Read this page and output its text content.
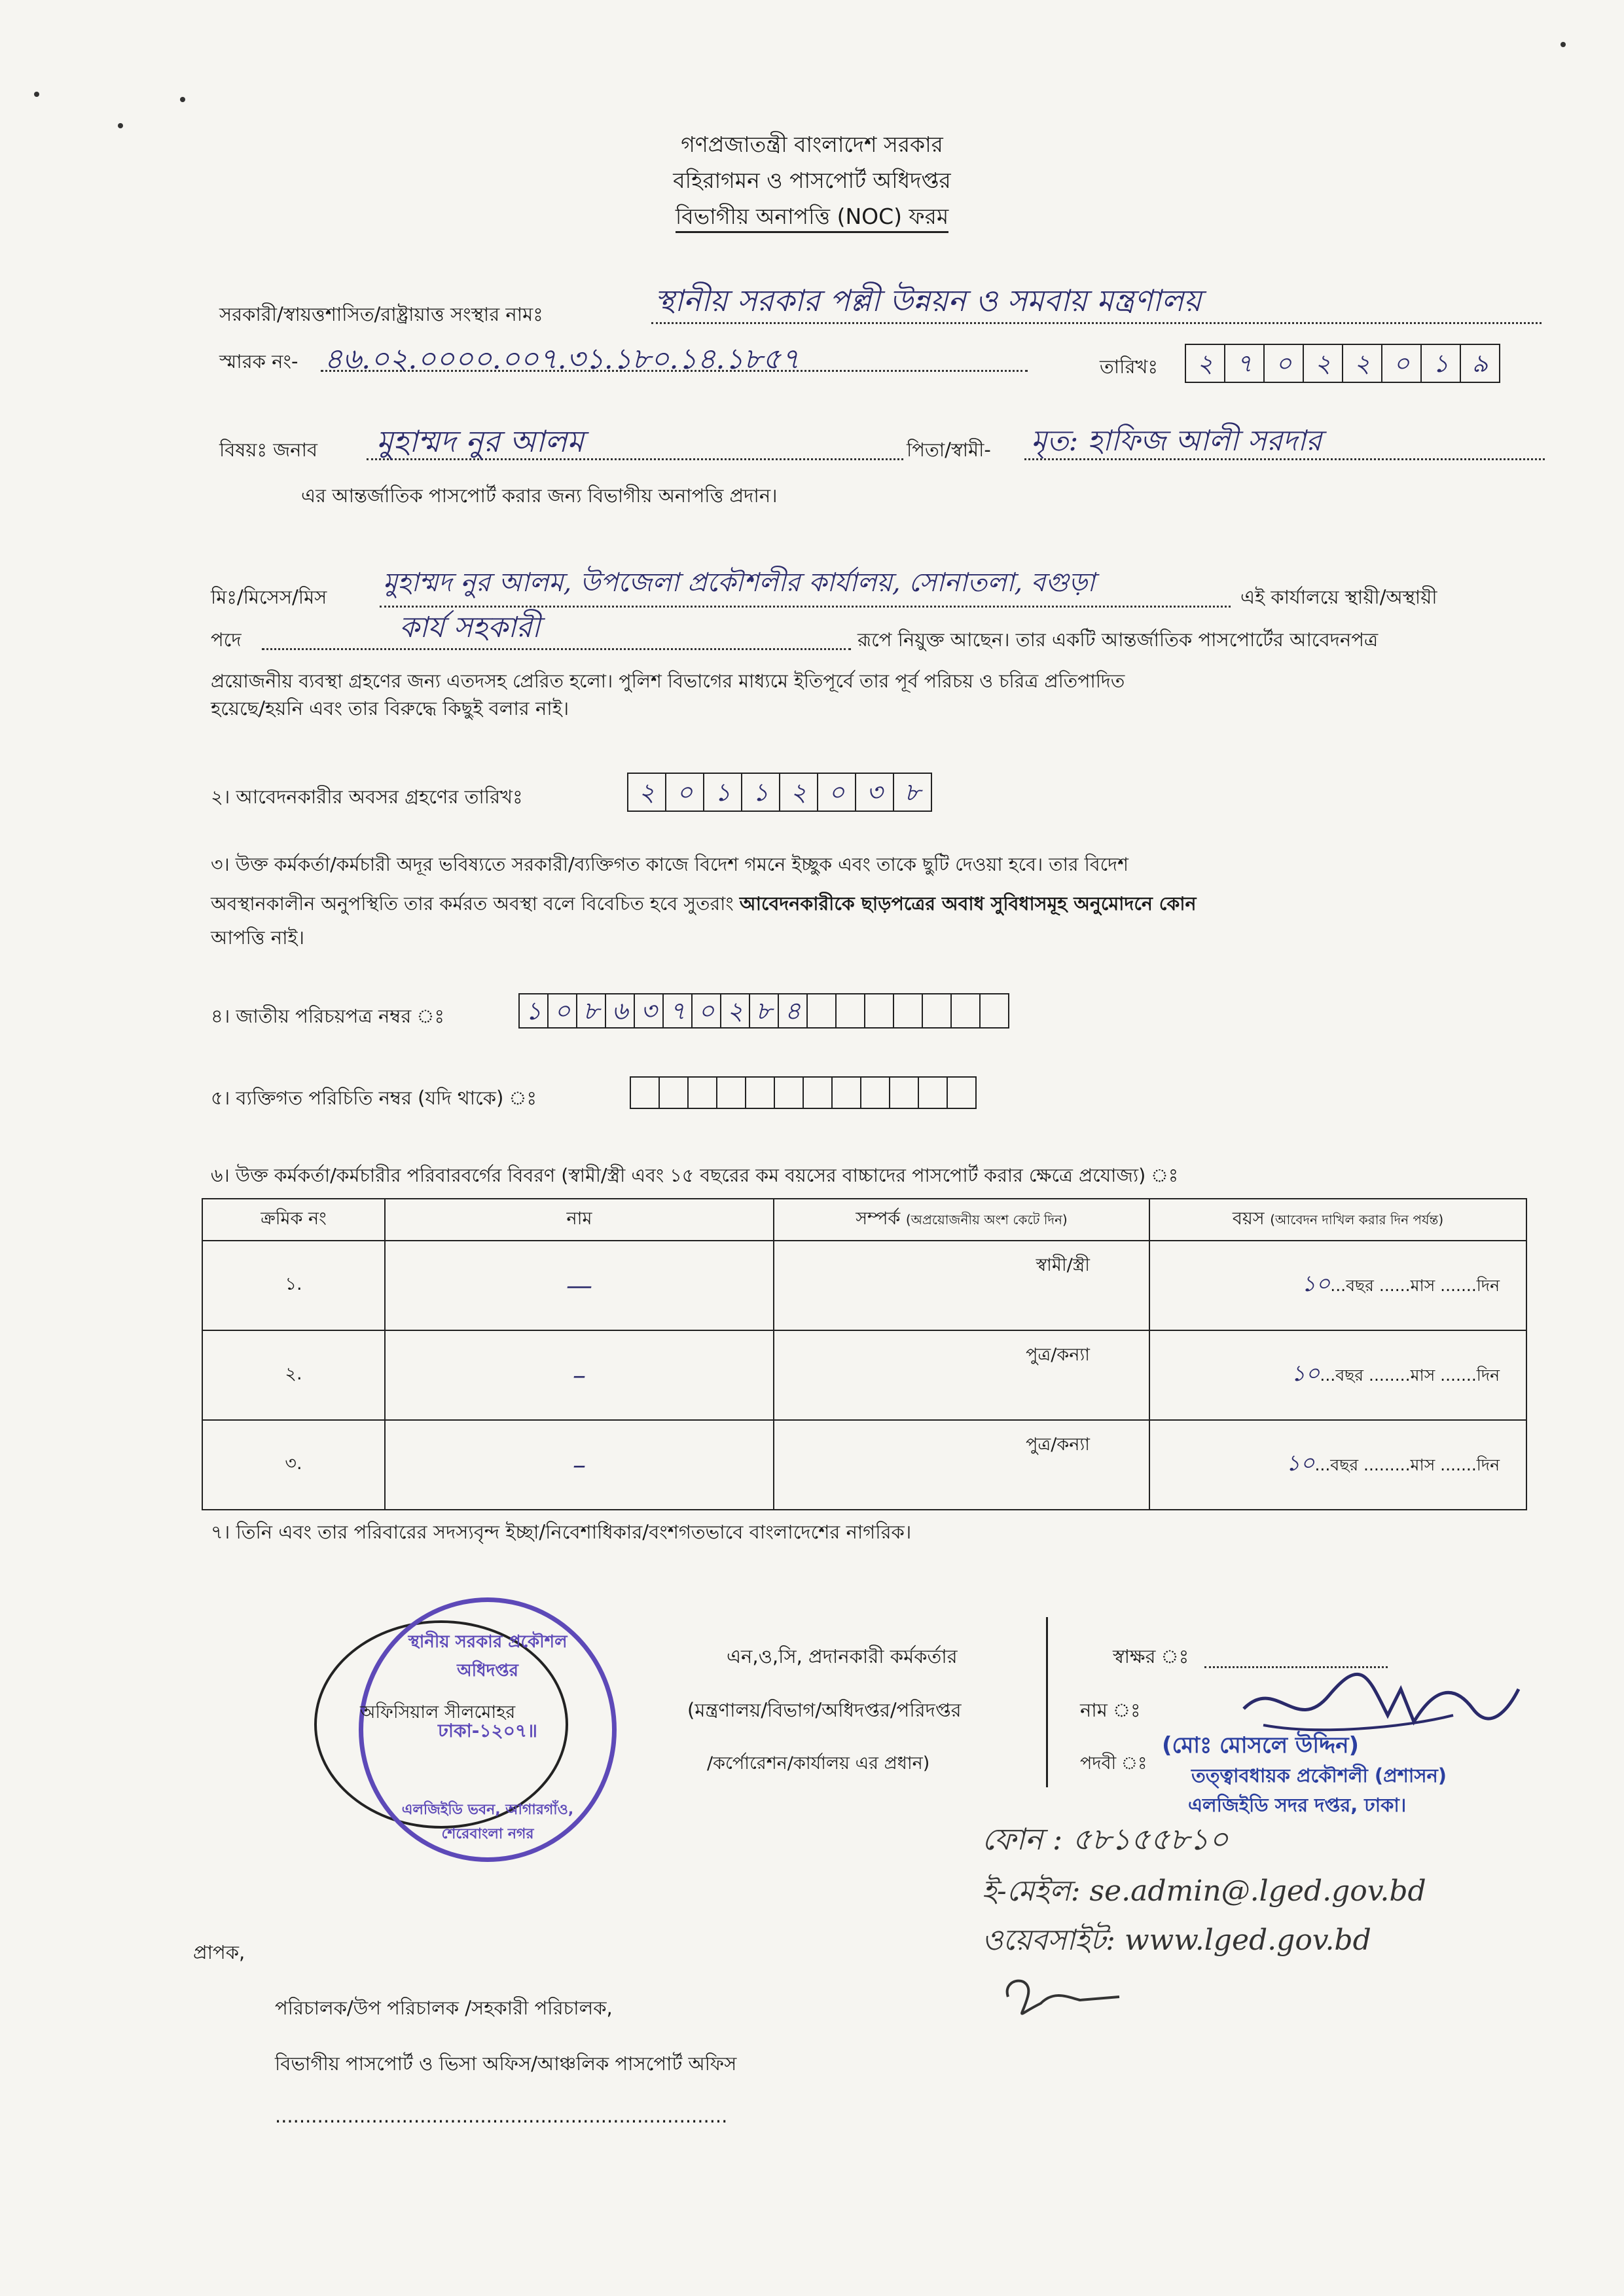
গণপ্রজাতন্ত্রী বাংলাদেশ সরকার
বহিরাগমন ও পাসপোর্ট অধিদপ্তর
বিভাগীয় অনাপত্তি (NOC) ফরম
সরকারী/স্বায়ত্তশাসিত/রাষ্ট্রায়াত্ত সংস্থার নামঃ	স্থানীয় সরকার পল্লী উন্নয়ন ও সমবায় মন্ত্রণালয়
স্মারক নং- ৪৬.০২.০০০০.০০৭.৩১.১৮০.১৪.১৮৫৭	তারিখঃ	২ ৭ ০ ২ ২ ০ ১ ৯
বিষয়ঃ জনাব মুহাম্মদ নুর আলম	পিতা/স্বামী- মৃত: হাফিজ আলী সরদার
এর আন্তর্জাতিক পাসপোর্ট করার জন্য বিভাগীয় অনাপত্তি প্রদান।
মিঃ/মিসেস/মিস মুহাম্মদ নুর আলম, উপজেলা প্রকৌশলীর কার্যালয়, সোনাতলা, বগুড়া	এই কার্যালয়ে স্থায়ী/অস্থায়ী
পদে	কার্য সহকারী	রূপে নিয়ুক্ত আছেন। তার একটি আন্তর্জাতিক পাসপোর্টের আবেদনপত্র
প্রয়োজনীয় ব্যবস্থা গ্রহণের জন্য এতদসহ প্রেরিত হলো। পুলিশ বিভাগের মাধ্যমে ইতিপূর্বে তার পূর্ব পরিচয় ও চরিত্র প্রতিপাদিত
হয়েছে/হয়নি এবং তার বিরুদ্ধে কিছুই বলার নাই।
২। আবেদনকারীর অবসর গ্রহণের তারিখঃ	২ ০ ১ ১ ২ ০ ৩ ৮
৩। উক্ত কর্মকর্তা/কর্মচারী অদূর ভবিষ্যতে সরকারী/ব্যক্তিগত কাজে বিদেশ গমনে ইচ্ছুক এবং তাকে ছুটি দেওয়া হবে। তার বিদেশ
অবস্থানকালীন অনুপস্থিতি তার কর্মরত অবস্থা বলে বিবেচিত হবে সুতরাং আবেদনকারীকে ছাড়পত্রের অবাধ সুবিধাসমূহ অনুমোদনে কোন
আপত্তি নাই।
৪। জাতীয় পরিচয়পত্র নম্বর ঃ	১ ০ ৮ ৬ ৩ ৭ ০ ২ ৮ ৪
৫। ব্যক্তিগত পরিচিতি নম্বর (যদি থাকে) ঃ
৬। উক্ত কর্মকর্তা/কর্মচারীর পরিবারবর্গের বিবরণ (স্বামী/স্ত্রী এবং ১৫ বছরের কম বয়সের বাচ্চাদের পাসপোর্ট করার ক্ষেত্রে প্রযোজ্য) ঃ
ক্রমিক নং	নাম	সম্পর্ক (অপ্রয়োজনীয় অংশ কেটে দিন)	বয়স (আবেদন দাখিল করার দিন পর্যন্ত)
১.	—	স্বামী/স্ত্রী	১০...বছর ......মাস .......দিন
২.	–	পুত্র/কন্যা	১০...বছর ........মাস .......দিন
৩.	–	পুত্র/কন্যা	১০...বছর .........মাস .......দিন
৭। তিনি এবং তার পরিবারের সদস্যবৃন্দ ইচ্ছা/নিবেশাধিকার/বংশগতভাবে বাংলাদেশের নাগরিক।
স্থানীয় সরকার প্রকৌশল অধিদপ্তর
ঢাকা-১২০৭॥
এলজিইডি ভবন, আগারগাঁও, শেরেবাংলা নগর
অফিসিয়াল সীলমোহর
এন,ও,সি, প্রদানকারী কর্মকর্তার
(মন্ত্রণালয়/বিভাগ/অধিদপ্তর/পরিদপ্তর
/কর্পোরেশন/কার্যালয় এর প্রধান)
স্বাক্ষর ঃ
নাম ঃ
পদবী ঃ
(মোঃ মোসলে উদ্দিন)
তত্ত্বাবধায়ক প্রকৌশলী (প্রশাসন)
এলজিইডি সদর দপ্তর, ঢাকা।
ফোন : ৫৮১৫৫৮১০
ই-মেইল: se.admin@.lged.gov.bd
ওয়েবসাইট: www.lged.gov.bd
প্রাপক,
পরিচালক/উপ পরিচালক /সহকারী পরিচালক,
বিভাগীয় পাসপোর্ট ও ভিসা অফিস/আঞ্চলিক পাসপোর্ট অফিস
...........................................................................
